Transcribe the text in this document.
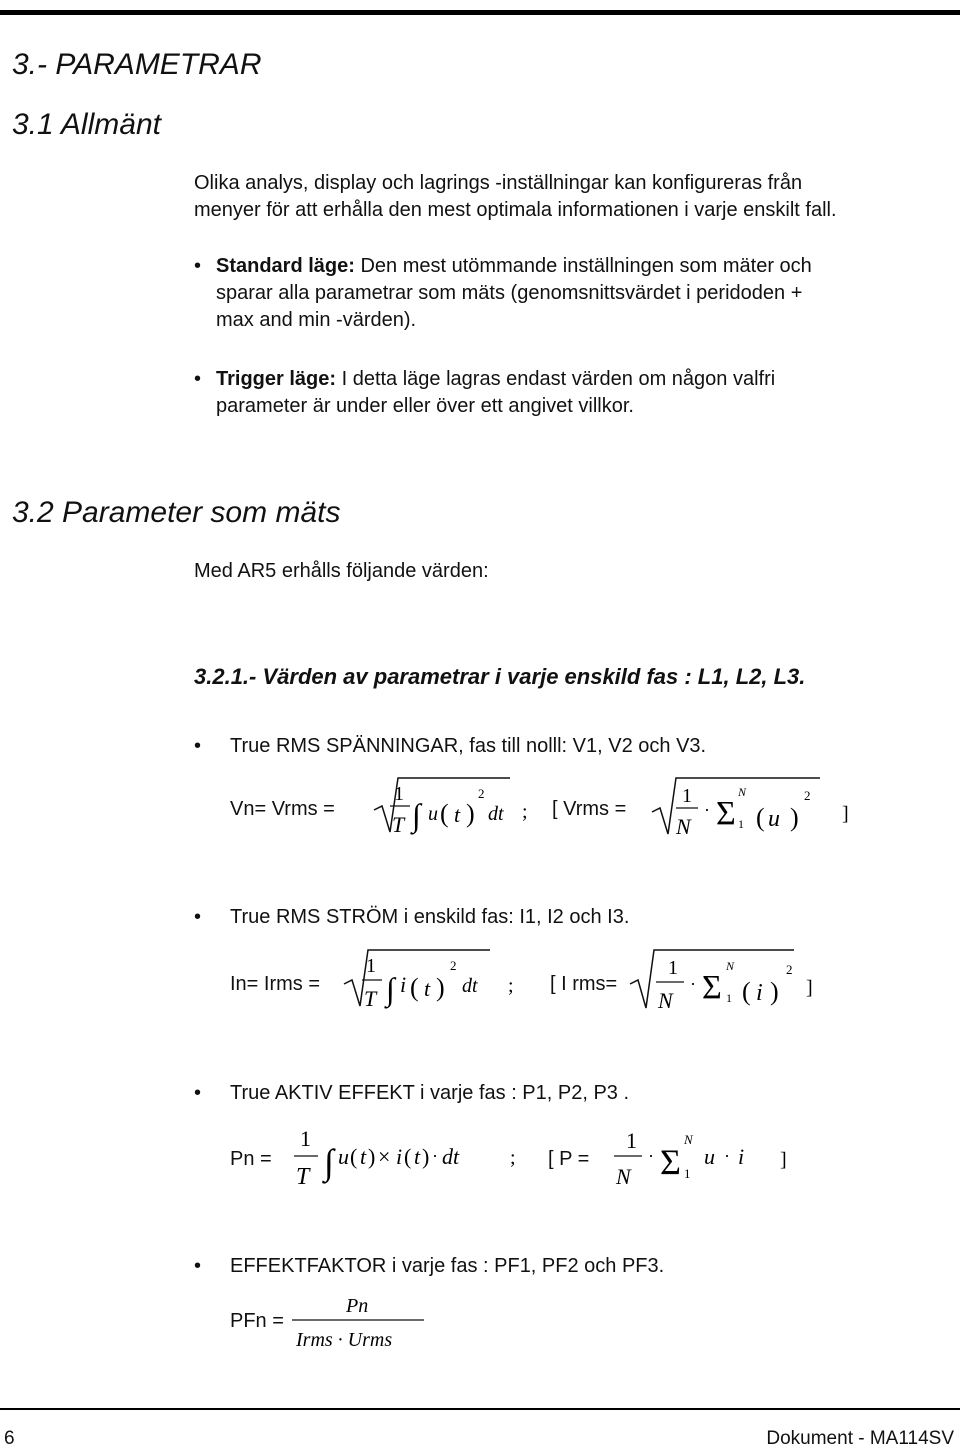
3.- PARAMETRAR
3.1 Allmänt
Olika analys, display och lagrings -inställningar kan konfigureras från
menyer för att erhålla den mest optimala informationen i varje enskilt fall.
• Standard läge: Den mest utömmande inställningen som mäter och
sparar alla parametrar som mäts (genomsnittsvärdet i peridoden +
max and min -värden).
• Trigger läge: I detta läge lagras endast värden om någon valfri
parameter är under eller över ett angivet villkor.
3.2 Parameter som mäts
Med AR5 erhålls följande värden:
3.2.1.- Värden av parametrar i varje enskild fas : L1, L2, L3.
• True RMS SPÄNNINGAR, fas till nolll: V1, V2 och V3.
Vn= Vrms =
1
T ∫ u ( t )
2
dt ; [ Vrms =
1
N
· Σ
N
1 ( u )
2
]
• True RMS STRÖM i enskild fas: I1, I2 och I3.
In= Irms =
1
T ∫ i ( t )
2
dt ; [ I rms=
1
N
· Σ
N
1 ( i )
2
]
• True AKTIV EFFEKT i varje fas : P1, P2, P3 .
Pn =
1
T ∫ u ( t ) × i ( t ) · dt	; [ P =
1
N
· Σ
N
1
u · i ]
• EFFEKTFAKTOR i varje fas : PF1, PF2 och PF3.
PFn =
Pn
Irms · Urms
6	Dokument - MA114SV
